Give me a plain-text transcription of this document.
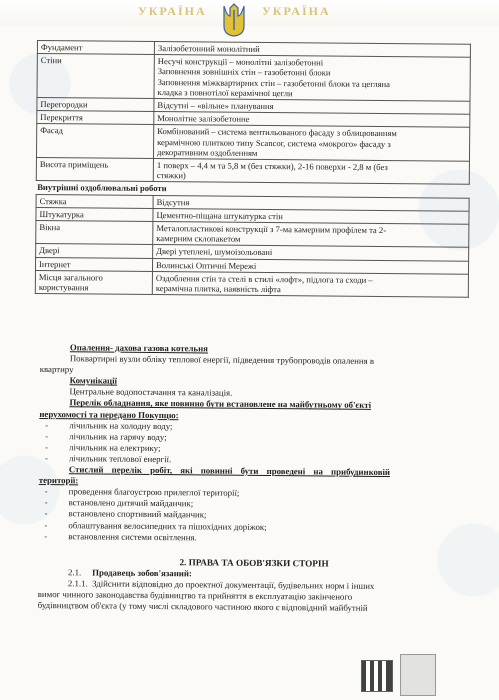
УКРАЇНА	УКРАЇНА
Фундамент	Залізобетонний монолітний

Стіни	Несучі конструкції – монолітні залізобетонні
Заповнення зовнішніх стін – газобетонні блоки
Заповнення міжквартирних стін – газобетонні блоки та цегляна
кладка з повнотілої керамічної цегли

Перегородки	Відсутні – «вільне» планування

Перекриття	Монолітне залізобетонне

Фасад	Комбінований – система вентильованого фасаду з облицюванням
керамічною плиткою типу Scancor, система «мокрого» фасаду з
декоративним оздобленням

Висота приміщень	1 поверх – 4,4 м та 5,8 м (без стяжки), 2-16 поверхи - 2,8 м (без
стяжки)

Внутрішні оздоблювальні роботи	
Стяжка	Відсутня

Штукатурка	Цементно-піщана штукатурка стін

Вікна	Металопластикові конструкції з 7-ма камерним профілем та 2-
камерним склопакетом

Двері	Двері утеплені, шумоізольовані

Інтернет	Волинські Оптичні Мережі

Місця загального
користування	Оздоблення стін та стелі в стилі «лофт», підлога та сходи –
керамічна плитка, наявність ліфта
Опалення- дахова газова котельня
Поквартирні вузли обліку теплової енергії, підведення трубопроводів опалення в
квартиру
Комунікації
Центральне водопостачання та каналізація.
Перелік обладнання, яке повинно бути встановлене на майбутньому об'єкті
нерухомості та передано Покупцю:
- лічильник на холодну воду;
- лічильник на гарячу воду;
- лічильник на електрику;
- лічильник теплової енергії.
Стислий перелік робіт, які повинні бути проведені на прибудинковій
території:
- проведення благоустрою прилеглої території;
- встановлено дитячий майданчик;
- встановлено спортивний майданчик;
- облаштування велосипедних та пішохідних доріжок;
- встановлення системи освітлення.
2. ПРАВА ТА ОБОВ'ЯЗКИ СТОРІН
2.1. Продавець зобов'язаний:
2.1.1. Здійснити відповідно до проектної документації, будівельних норм і інших
вимог чинного законодавства будівництво та прийняття в експлуатацію закінченого
будівництвом об'єкта (у тому числі складового частиною якого є відповідний майбутній
